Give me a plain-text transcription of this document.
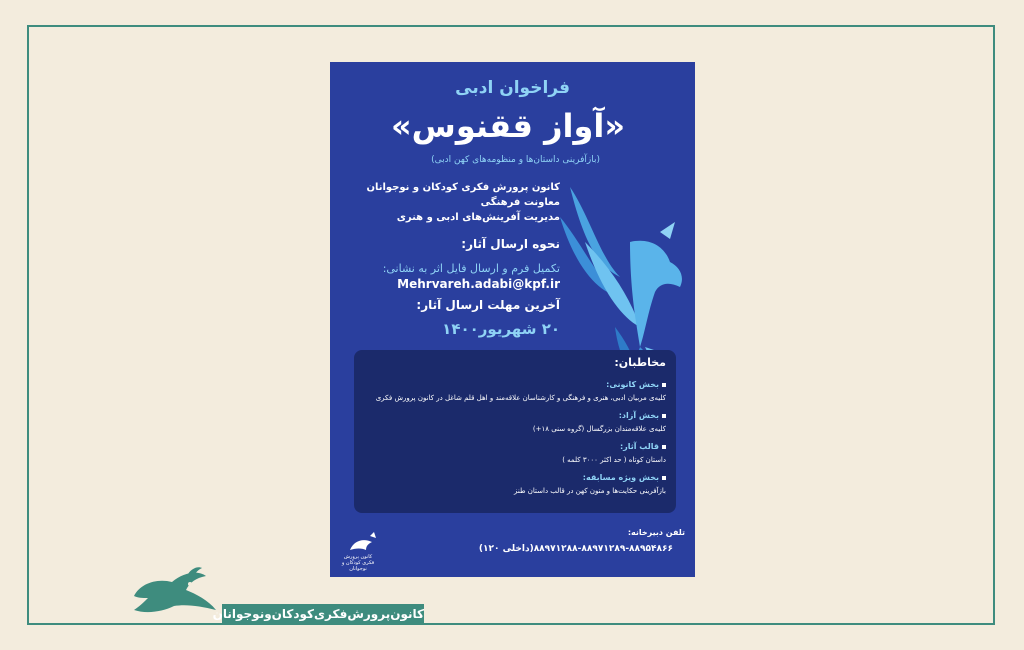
فراخوان ادبی
«آواز ققنوس»
(بازآفرینی داستان‌ها و منظومه‌های کهن ادبی)
کانون پرورش فکری کودکان و نوجوانان
معاونت فرهنگی
مدیریت آفرینش‌های ادبی و هنری
نحوه ارسال آثار:
تکمیل فرم و ارسال فایل اثر به نشانی:
Mehrvareh.adabi@kpf.ir
آخرین مهلت ارسال آثار:
۲۰ شهریور۱۴۰۰
مخاطبان:
بخش کانونی:
کلیه‌ی مربیان ادبی، هنری و فرهنگی و کارشناسان علاقه‌مند و اهل قلم شاغل در کانون پرورش فکری
بخش آزاد:
کلیه‌ی علاقه‌مندان بزرگسال (گروه سنی ۱۸+)
قالب آثار:
داستان کوتاه ( حد اکثر ۳۰۰۰ کلمه )
بخش ویژه مسابقه:
بازآفرینی حکایت‌ها و متون کهن در قالب داستان طنز
تلفن دبیرخانه:
۸۸۹۷۱۲۸۸-۸۸۹۷۱۲۸۹-۸۸۹۵۴۸۶۶(داخلی ۱۲۰)
کانون پرورش فکری کودکان و نوجوانان
کانون‌پرورش‌فکری‌کودکان‌ونوجوانان
